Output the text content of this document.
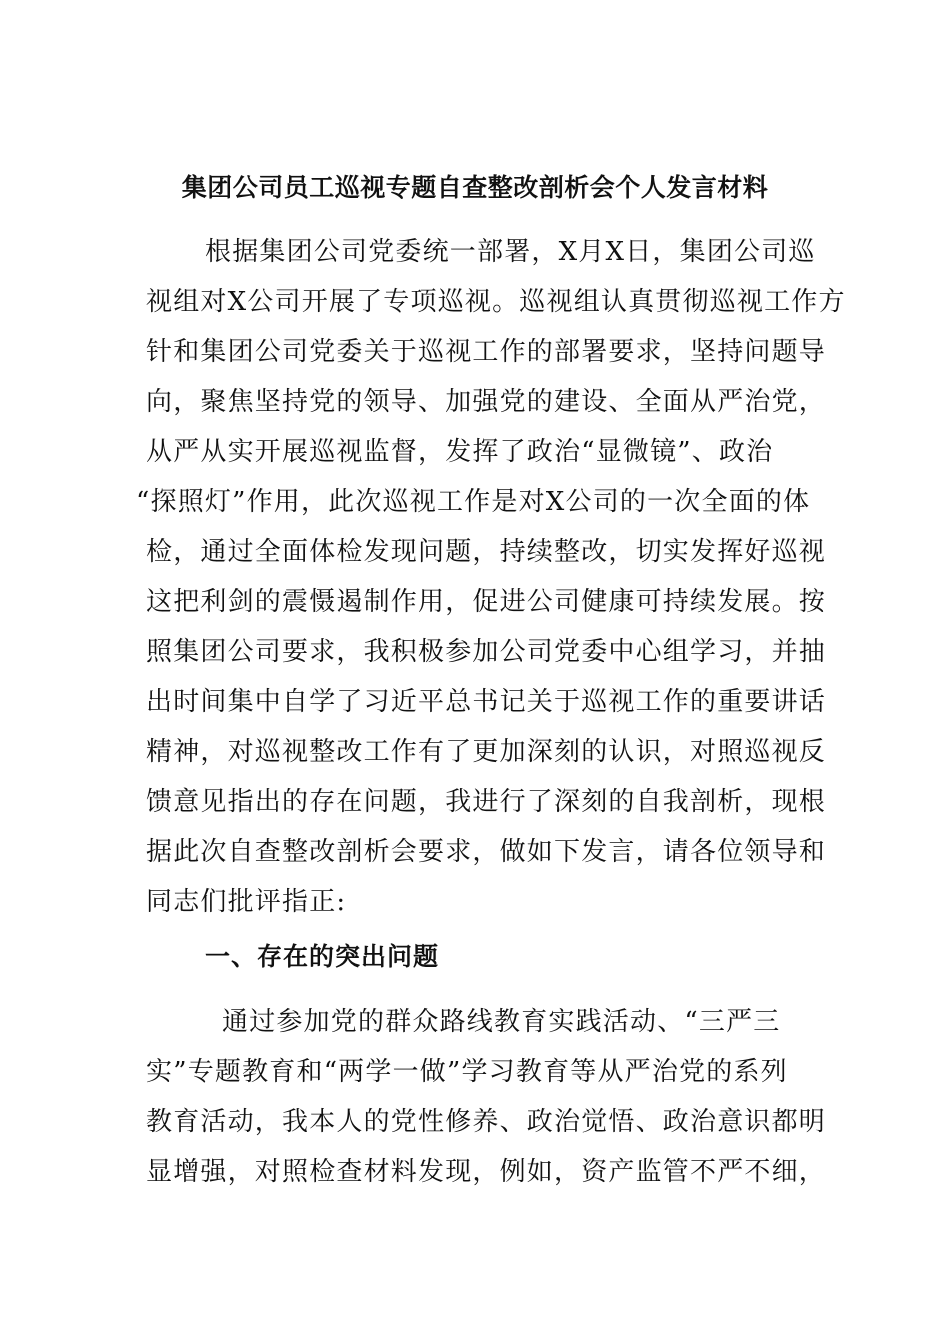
集团公司员工巡视专题自查整改剖析会个人发言材料
根据集团公司党委统一部署，X月X日，集团公司巡
视组对X公司开展了专项巡视。巡视组认真贯彻巡视工作方
针和集团公司党委关于巡视工作的部署要求，坚持问题导
向，聚焦坚持党的领导、加强党的建设、全面从严治党，
从严从实开展巡视监督，发挥了政治“显微镜”、政治
“探照灯”作用，此次巡视工作是对X公司的一次全面的体
检，通过全面体检发现问题，持续整改，切实发挥好巡视
这把利剑的震慑遏制作用，促进公司健康可持续发展。按
照集团公司要求，我积极参加公司党委中心组学习，并抽
出时间集中自学了习近平总书记关于巡视工作的重要讲话
精神，对巡视整改工作有了更加深刻的认识，对照巡视反
馈意见指出的存在问题，我进行了深刻的自我剖析，现根
据此次自查整改剖析会要求，做如下发言，请各位领导和
同志们批评指正:
一、存在的突出问题
通过参加党的群众路线教育实践活动、“三严三
实”专题教育和“两学一做”学习教育等从严治党的系列
教育活动，我本人的党性修养、政治觉悟、政治意识都明
显增强，对照检查材料发现，例如，资产监管不严不细，
